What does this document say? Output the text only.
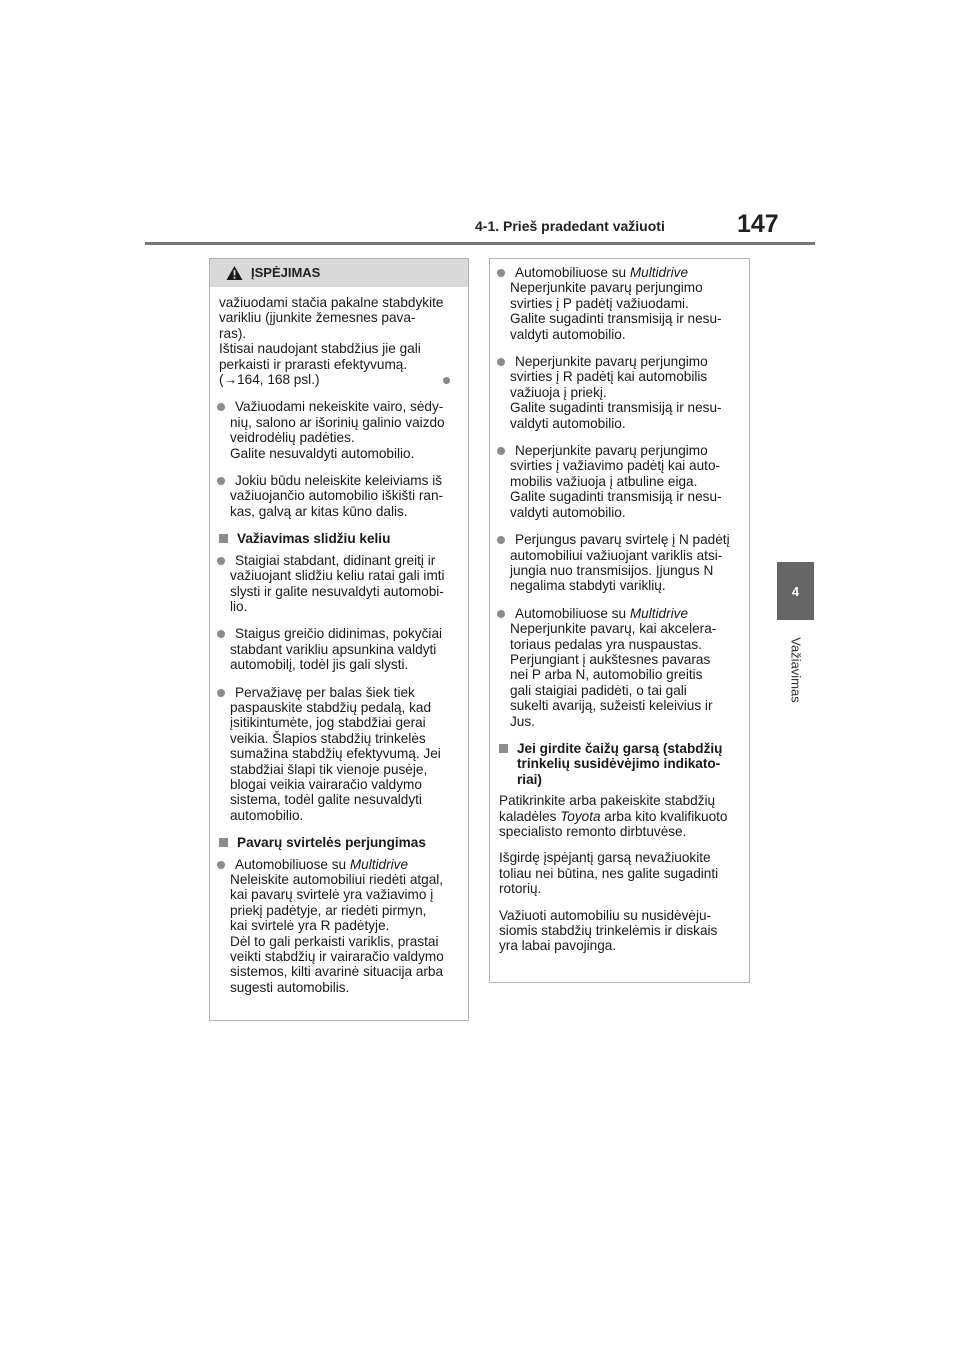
4-1. Prieš pradedant važiuoti	147
4
Važiavimas
ĮSPĖJIMAS
važiuodami stačia pakalne stabdykite
varikliu (įjunkite žemesnes pava-
ras).
Ištisai naudojant stabdžius jie gali
perkaisti ir prarasti efektyvumą.
(→164, 168 psl.)
Važiuodami nekeiskite vairo, sėdy-
nių, salono ar išorinių galinio vaizdo
veidrodėlių padėties.
Galite nesuvaldyti automobilio.
Jokiu būdu neleiskite keleiviams iš
važiuojančio automobilio iškišti ran-
kas, galvą ar kitas kūno dalis.
Važiavimas slidžiu keliu
Staigiai stabdant, didinant greitį ir
važiuojant slidžiu keliu ratai gali imti
slysti ir galite nesuvaldyti automobi-
lio.
Staigus greičio didinimas, pokyčiai
stabdant varikliu apsunkina valdyti
automobilį, todėl jis gali slysti.
Pervažiavę per balas šiek tiek
paspauskite stabdžių pedalą, kad
įsitikintumėte, jog stabdžiai gerai
veikia. Šlapios stabdžių trinkelės
sumažina stabdžių efektyvumą. Jei
stabdžiai šlapi tik vienoje pusėje,
blogai veikia vairaračio valdymo
sistema, todėl galite nesuvaldyti
automobilio.
Pavarų svirtelės perjungimas
Automobiliuose su Multidrive
Neleiskite automobiliui riedėti atgal,
kai pavarų svirtelė yra važiavimo į
priekį padėtyje, ar riedėti pirmyn,
kai svirtelė yra R padėtyje.
Dėl to gali perkaisti variklis, prastai
veikti stabdžių ir vairaračio valdymo
sistemos, kilti avarinė situacija arba
sugesti automobilis.
Automobiliuose su Multidrive
Neperjunkite pavarų perjungimo
svirties į P padėtį važiuodami.
Galite sugadinti transmisiją ir nesu-
valdyti automobilio.
Neperjunkite pavarų perjungimo
svirties į R padėtį kai automobilis
važiuoja į priekį.
Galite sugadinti transmisiją ir nesu-
valdyti automobilio.
Neperjunkite pavarų perjungimo
svirties į važiavimo padėtį kai auto-
mobilis važiuoja į atbuline eiga.
Galite sugadinti transmisiją ir nesu-
valdyti automobilio.
Perjungus pavarų svirtelę į N padėtį
automobiliui važiuojant variklis atsi-
jungia nuo transmisijos. Įjungus N
negalima stabdyti variklių.
Automobiliuose su Multidrive
Neperjunkite pavarų, kai akcelera-
toriaus pedalas yra nuspaustas.
Perjungiant į aukštesnes pavaras
nei P arba N, automobilio greitis
gali staigiai padidėti, o tai gali
sukelti avariją, sužeisti keleivius ir
Jus.
Jei girdite čaižų garsą (stabdžių
trinkelių susidėvėjimo indikato-
riai)
Patikrinkite arba pakeiskite stabdžių
kaladėles Toyota arba kito kvalifikuoto
specialisto remonto dirbtuvėse.
Išgirdę įspėjantį garsą nevažiuokite
toliau nei būtina, nes galite sugadinti
rotorių.
Važiuoti automobiliu su nusidėvėju-
siomis stabdžių trinkelėmis ir diskais
yra labai pavojinga.
